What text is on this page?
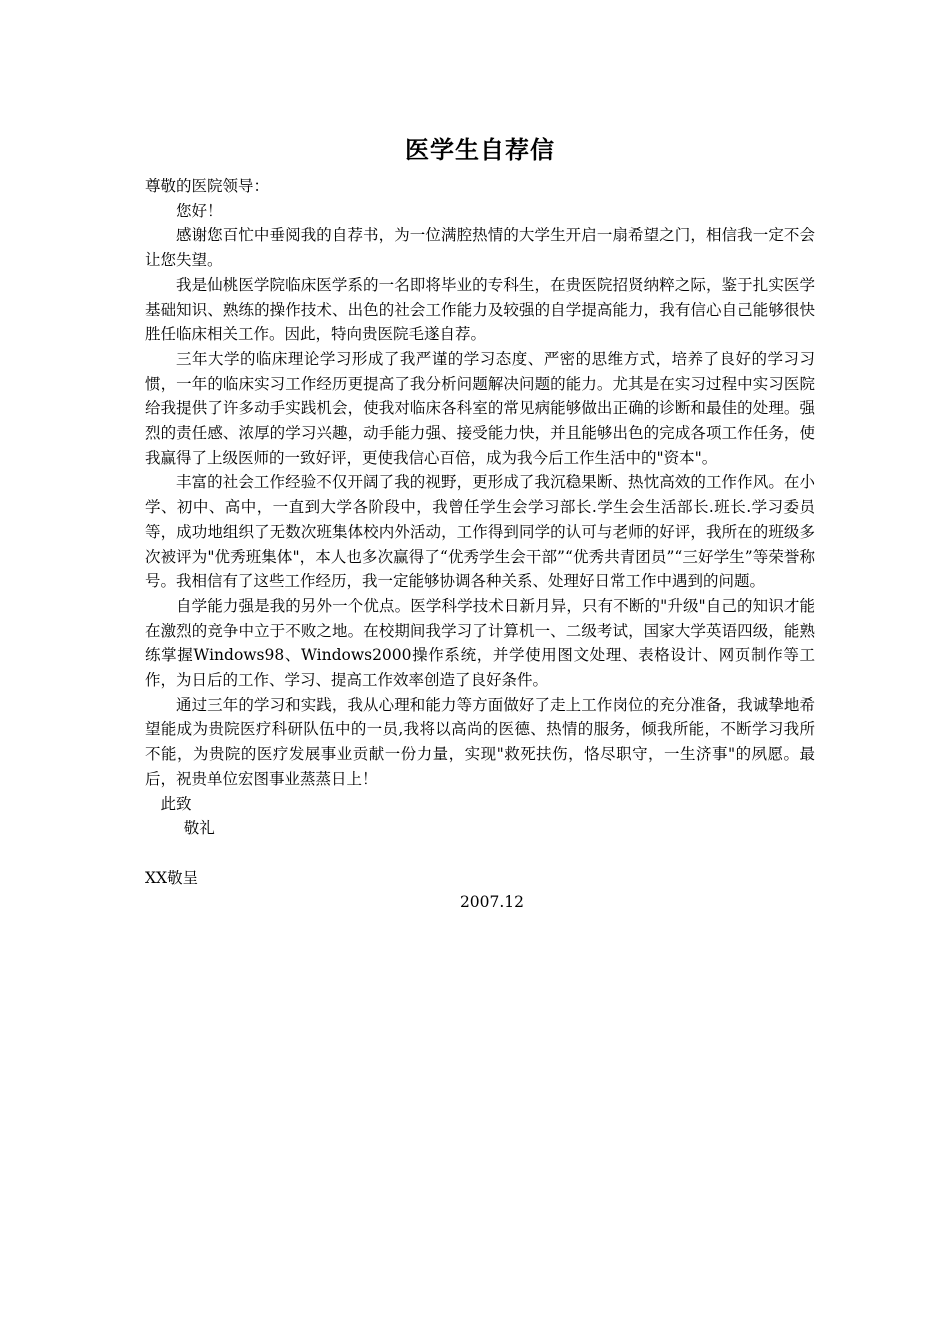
医学生自荐信

尊敬的医院领导：

您好！

感谢您百忙中垂阅我的自荐书，为一位满腔热情的大学生开启一扇希望之门，相信我一定不会让您失望。

我是仙桃医学院临床医学系的一名即将毕业的专科生，在贵医院招贤纳粹之际，鉴于扎实医学基础知识、熟练的操作技术、出色的社会工作能力及较强的自学提高能力，我有信心自己能够很快胜任临床相关工作。因此，特向贵医院毛遂自荐。

三年大学的临床理论学习形成了我严谨的学习态度、严密的思维方式，培养了良好的学习习惯，一年的临床实习工作经历更提高了我分析问题解决问题的能力。尤其是在实习过程中实习医院给我提供了许多动手实践机会，使我对临床各科室的常见病能够做出正确的诊断和最佳的处理。强烈的责任感、浓厚的学习兴趣，动手能力强、接受能力快，并且能够出色的完成各项工作任务，使我赢得了上级医师的一致好评，更使我信心百倍，成为我今后工作生活中的"资本"。

丰富的社会工作经验不仅开阔了我的视野，更形成了我沉稳果断、热忱高效的工作作风。在小学、初中、高中，一直到大学各阶段中，我曾任学生会学习部长.学生会生活部长.班长.学习委员等，成功地组织了无数次班集体校内外活动，工作得到同学的认可与老师的好评，我所在的班级多次被评为"优秀班集体"，本人也多次赢得了“优秀学生会干部”“优秀共青团员”“三好学生”等荣誉称号。我相信有了这些工作经历，我一定能够协调各种关系、处理好日常工作中遇到的问题。

自学能力强是我的另外一个优点。医学科学技术日新月异，只有不断的"升级"自己的知识才能在激烈的竞争中立于不败之地。在校期间我学习了计算机一、二级考试，国家大学英语四级，能熟练掌握Windows98、Windows2000操作系统，并学使用图文处理、表格设计、网页制作等工作，为日后的工作、学习、提高工作效率创造了良好条件。

通过三年的学习和实践，我从心理和能力等方面做好了走上工作岗位的充分准备，我诚挚地希望能成为贵院医疗科研队伍中的一员,我将以高尚的医德、热情的服务，倾我所能，不断学习我所不能，为贵院的医疗发展事业贡献一份力量，实现"救死扶伤，恪尽职守，一生济事"的夙愿。最后，祝贵单位宏图事业蒸蒸日上！

此致

敬礼

XX敬呈

2007.12
